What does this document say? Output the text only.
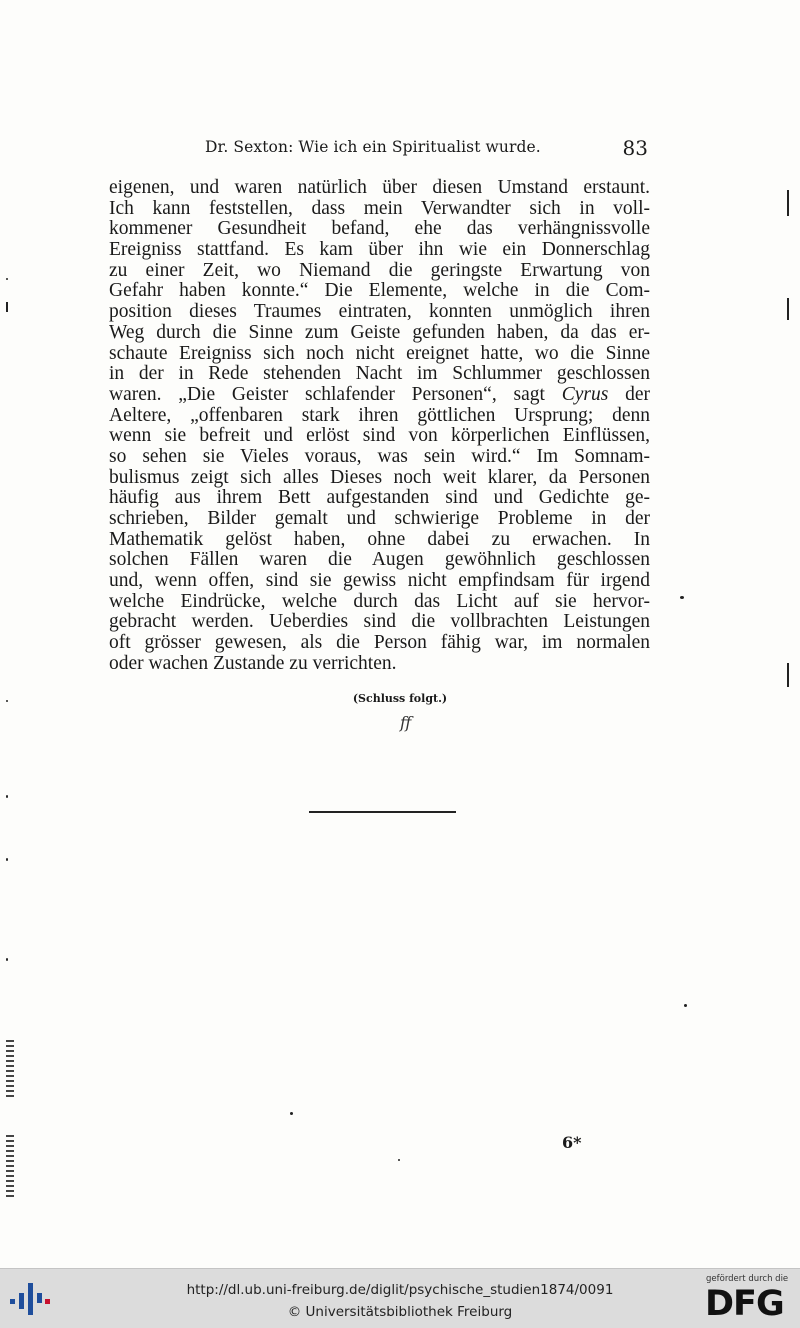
Dr. Sexton: Wie ich ein Spiritualist wurde.	83
eigenen, und waren natürlich über diesen Umstand erstaunt.
Ich kann feststellen, dass mein Verwandter sich in voll-
kommener Gesundheit befand, ehe das verhängnissvolle
Ereigniss stattfand. Es kam über ihn wie ein Donnerschlag
zu einer Zeit, wo Niemand die geringste Erwartung von
Gefahr haben konnte.“ Die Elemente, welche in die Com-
position dieses Traumes eintraten, konnten unmöglich ihren
Weg durch die Sinne zum Geiste gefunden haben, da das er-
schaute Ereigniss sich noch nicht ereignet hatte, wo die Sinne
in der in Rede stehenden Nacht im Schlummer geschlossen
waren. „Die Geister schlafender Personen“, sagt Cyrus der
Aeltere, „offenbaren stark ihren göttlichen Ursprung; denn
wenn sie befreit und erlöst sind von körperlichen Einflüssen,
so sehen sie Vieles voraus, was sein wird.“ Im Somnam-
bulismus zeigt sich alles Dieses noch weit klarer, da Personen
häufig aus ihrem Bett aufgestanden sind und Gedichte ge-
schrieben, Bilder gemalt und schwierige Probleme in der
Mathematik gelöst haben, ohne dabei zu erwachen. In
solchen Fällen waren die Augen gewöhnlich geschlossen
und, wenn offen, sind sie gewiss nicht empfindsam für irgend
welche Eindrücke, welche durch das Licht auf sie hervor-
gebracht werden. Ueberdies sind die vollbrachten Leistungen
oft grösser gewesen, als die Person fähig war, im normalen
oder wachen Zustande zu verrichten.
(Schluss folgt.)
ff
6*
http://dl.ub.uni-freiburg.de/diglit/psychische_studien1874/0091
© Universitätsbibliothek Freiburg
gefördert durch die
DFG
